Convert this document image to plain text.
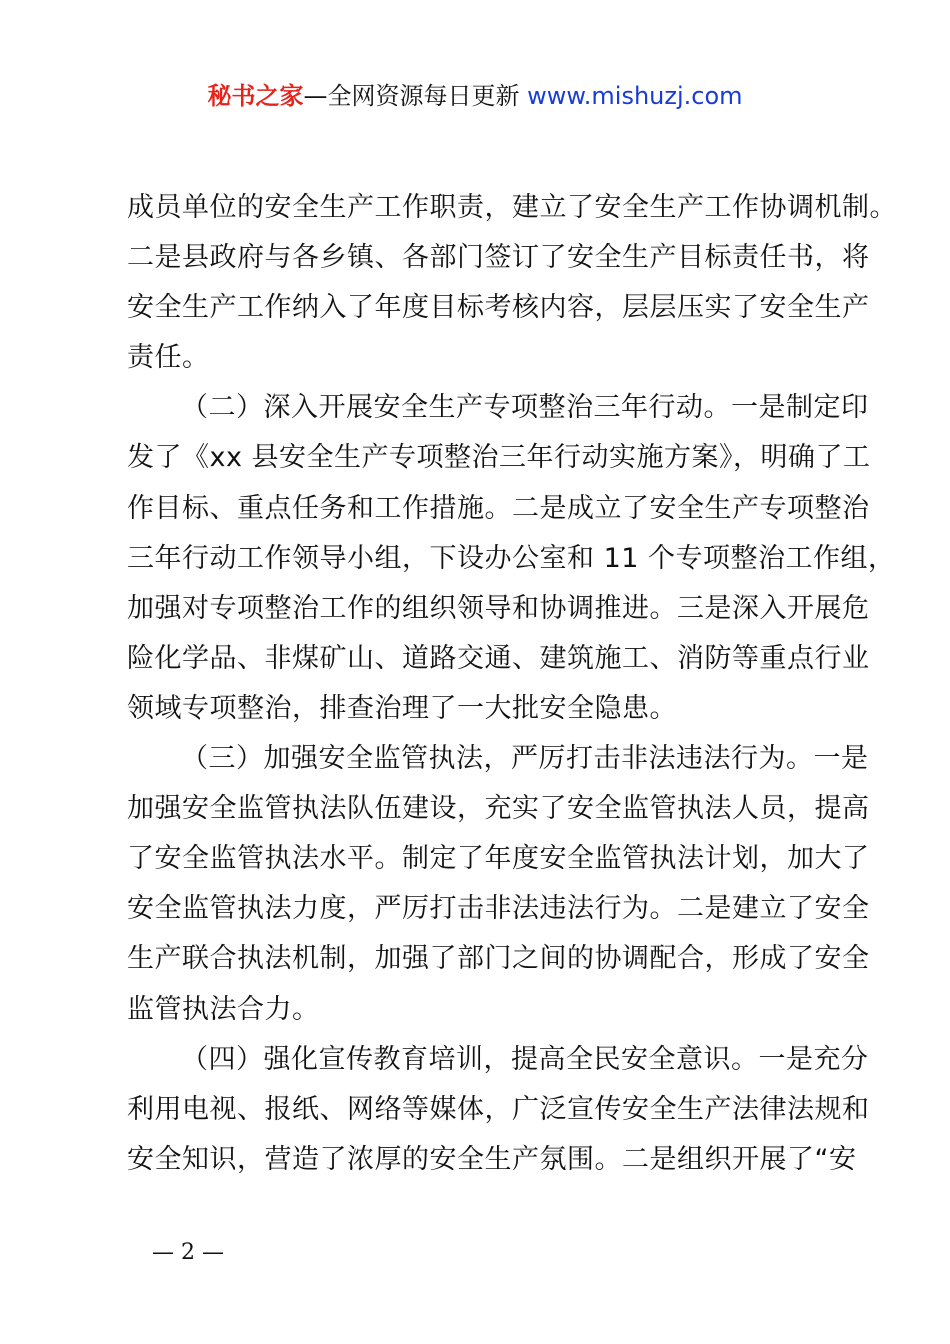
秘书之家—全网资源每日更新 www.mishuzj.com
成员单位的安全生产工作职责，建立了安全生产工作协调机制。
二是县政府与各乡镇、各部门签订了安全生产目标责任书，将
安全生产工作纳入了年度目标考核内容，层层压实了安全生产
责任。
（二）深入开展安全生产专项整治三年行动。一是制定印
发了《xx 县安全生产专项整治三年行动实施方案》，明确了工
作目标、重点任务和工作措施。二是成立了安全生产专项整治
三年行动工作领导小组，下设办公室和 11 个专项整治工作组，
加强对专项整治工作的组织领导和协调推进。三是深入开展危
险化学品、非煤矿山、道路交通、建筑施工、消防等重点行业
领域专项整治，排查治理了一大批安全隐患。
（三）加强安全监管执法，严厉打击非法违法行为。一是
加强安全监管执法队伍建设，充实了安全监管执法人员，提高
了安全监管执法水平。制定了年度安全监管执法计划，加大了
安全监管执法力度，严厉打击非法违法行为。二是建立了安全
生产联合执法机制，加强了部门之间的协调配合，形成了安全
监管执法合力。
（四）强化宣传教育培训，提高全民安全意识。一是充分
利用电视、报纸、网络等媒体，广泛宣传安全生产法律法规和
安全知识，营造了浓厚的安全生产氛围。二是组织开展了“安
— 2 —
